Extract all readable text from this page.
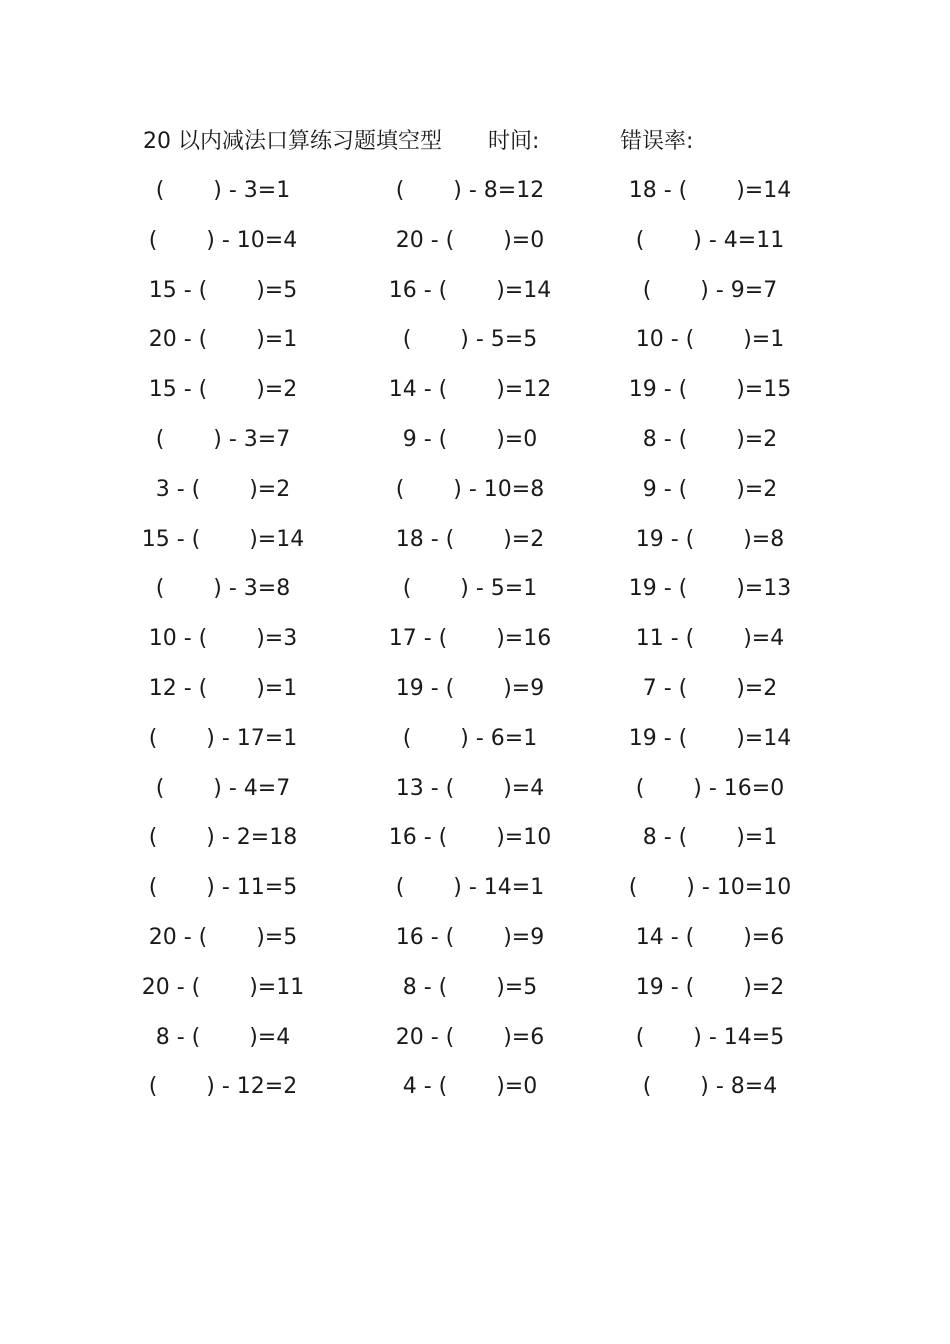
20 以内减法口算练习题填空型 时间:	错误率:
(       ) - 3=1	(       ) - 8=12	18 - (       )=14
(       ) - 10=4	20 - (       )=0	(       ) - 4=11
15 - (       )=5	16 - (       )=14	(       ) - 9=7
20 - (       )=1	(       ) - 5=5	10 - (       )=1
15 - (       )=2	14 - (       )=12	19 - (       )=15
(       ) - 3=7	9 - (       )=0	8 - (       )=2
3 - (       )=2	(       ) - 10=8	9 - (       )=2
15 - (       )=14	18 - (       )=2	19 - (       )=8
(       ) - 3=8	(       ) - 5=1	19 - (       )=13
10 - (       )=3	17 - (       )=16	11 - (       )=4
12 - (       )=1	19 - (       )=9	7 - (       )=2
(       ) - 17=1	(       ) - 6=1	19 - (       )=14
(       ) - 4=7	13 - (       )=4	(       ) - 16=0
(       ) - 2=18	16 - (       )=10	8 - (       )=1
(       ) - 11=5	(       ) - 14=1	(       ) - 10=10
20 - (       )=5	16 - (       )=9	14 - (       )=6
20 - (       )=11	8 - (       )=5	19 - (       )=2
8 - (       )=4	20 - (       )=6	(       ) - 14=5
(       ) - 12=2	4 - (       )=0	(       ) - 8=4
